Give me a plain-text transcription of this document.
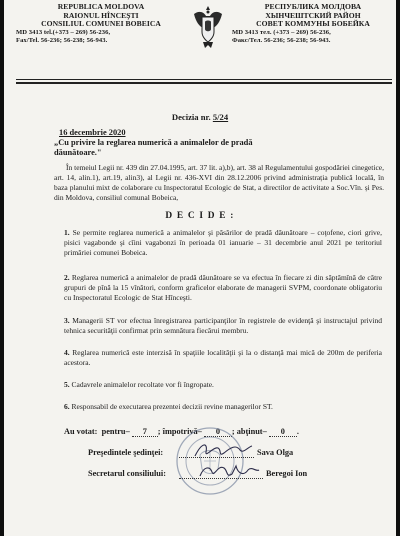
REPUBLICA MOLDOVA
RAIONUL HÎNCEŞTI
CONSILIUL COMUNEI BOBEICA
MD 3413 tel.(+373 – 269) 56-236,
Fax/Tel. 56-236; 56-238; 56-943.
РЕСПУБЛИКА МОЛДОВА
ХЫНЧЕШТСКИЙ РАЙОН
СОВЕТ КОММУНЫ БОБЕЙКА
MD 3413 тел. (+373 – 269) 56-236,
Факс/Тел. 56-236; 56-238; 56-943.
Decizia nr. 5/24
16 decembrie 2020
„Cu privire la reglarea numerică a animalelor de pradă dăunătoare."
În temeiul Legii nr. 439 din 27.04.1995, art. 37 lit. a),b), art. 38 al Regulamentului gospodăriei cinegetice, art. 14, alin.1), art.19, alin3), al Legii nr. 436-XVI din 28.12.2006 privind administrația publică locală, în baza planului mixt de colaborare cu Inspectoratul Ecologic de Stat, a directilor de activitate a Soc.Vîn. și Pes. din Moldova, consiliul comunal Bobeica,
D E C I D E :
1. Se permite reglarea numerică a animalelor şi păsărilor de pradă dăunătoare – coţofene, ciori grive, pisici vagabonde şi cîini vagabonzi în perioada 01 ianuarie – 31 decembrie anul 2021 pe teritoriul primăriei comunei Bobeica.
2. Reglarea numerică a animalelor de pradă dăunătoare se va efectua în fiecare zi din săptămînă de către grupuri de pînă la 15 vînători, conform graficelor elaborate de managerii SVPM, coordonate obligatoriu cu Inspectoratul Ecologic de Stat Hînceşti.
3. Managerii ST vor efectua înregistrarea participanţilor în registrele de evidenţă şi instructajul privind tehnica securităţii confirmat prin semnătura fiecărui membru.
4. Reglarea numerică este interzisă în spaţiile localităţii şi la o distanţă mai mică de 200m de periferia acestora.
5. Cadavrele animalelor recoltate vor fi îngropate.
6. Responsabil de executarea prezentei decizii revine managerilor ST.
Au votat: pentru– 7 ; împotrivă– 0 ; abţinut– 0 .
Preşedintele şedinţei:	Sava Olga
Secretarul consiliului:	Beregoi Ion
